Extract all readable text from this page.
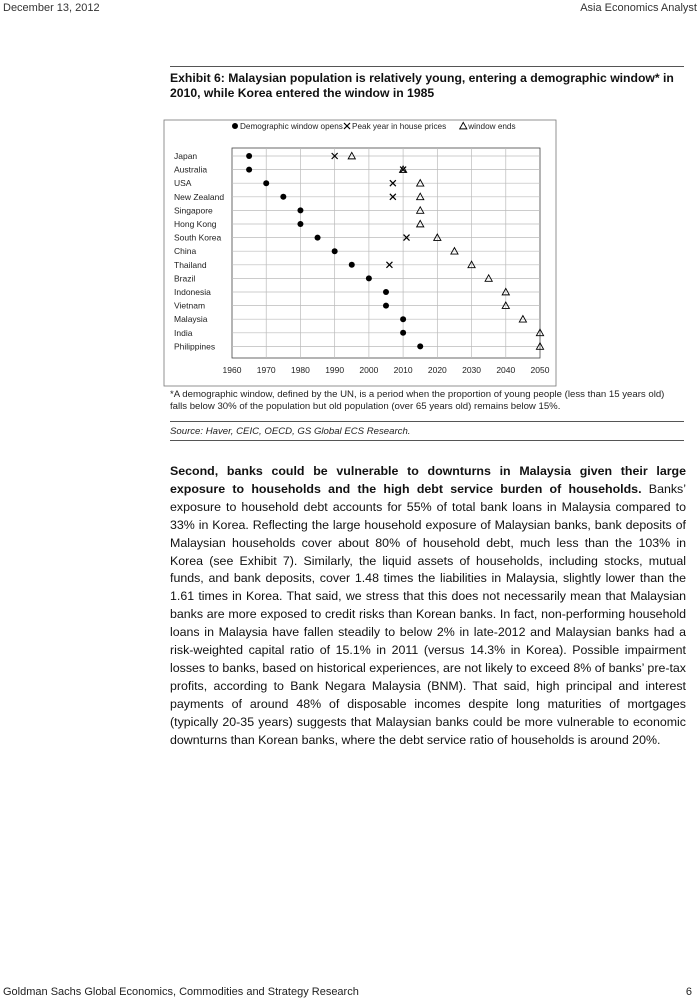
December 13, 2012	Asia Economics Analyst
Exhibit 6: Malaysian population is relatively young, entering a demographic window* in 2010, while Korea entered the window in 1985
1960 1970 1980 1990 2000 2010 2020 2030 2040 2050
Japan
Australia
USA
New Zealand
Singapore
Hong Kong
South Korea
China
Thailand
Brazil
Indonesia
Vietnam
Malaysia
India
Philippines
Demographic window opens Peak year in house prices	window ends
*A demographic window, defined by the UN, is a period when the proportion of young people (less than 15 years old) falls below 30% of the population but old population (over 65 years old) remains below 15%.
Source: Haver, CEIC, OECD, GS Global ECS Research.

Second, banks could be vulnerable to downturns in Malaysia given their large exposure to households and the high debt service burden of households. Banks’ exposure to household debt accounts for 55% of total bank loans in Malaysia compared to 33% in Korea. Reflecting the large household exposure of Malaysian banks, bank deposits of Malaysian households cover about 80% of household debt, much less than the 103% in Korea (see Exhibit 7). Similarly, the liquid assets of households, including stocks, mutual funds, and bank deposits, cover 1.48 times the liabilities in Malaysia, slightly lower than the 1.61 times in Korea. That said, we stress that this does not necessarily mean that Malaysian banks are more exposed to credit risks than Korean banks. In fact, non-performing household loans in Malaysia have fallen steadily to below 2% in late-2012 and Malaysian banks had a risk-weighted capital ratio of 15.1% in 2011 (versus 14.3% in Korea). Possible impairment losses to banks, based on historical experiences, are not likely to exceed 8% of banks’ pre-tax profits, according to Bank Negara Malaysia (BNM). That said, high principal and interest payments of around 48% of disposable incomes despite long maturities of mortgages (typically 20-35 years) suggests that Malaysian banks could be more vulnerable to economic downturns than Korean banks, where the debt service ratio of households is around 20%.

Goldman Sachs Global Economics, Commodities and Strategy Research	6
